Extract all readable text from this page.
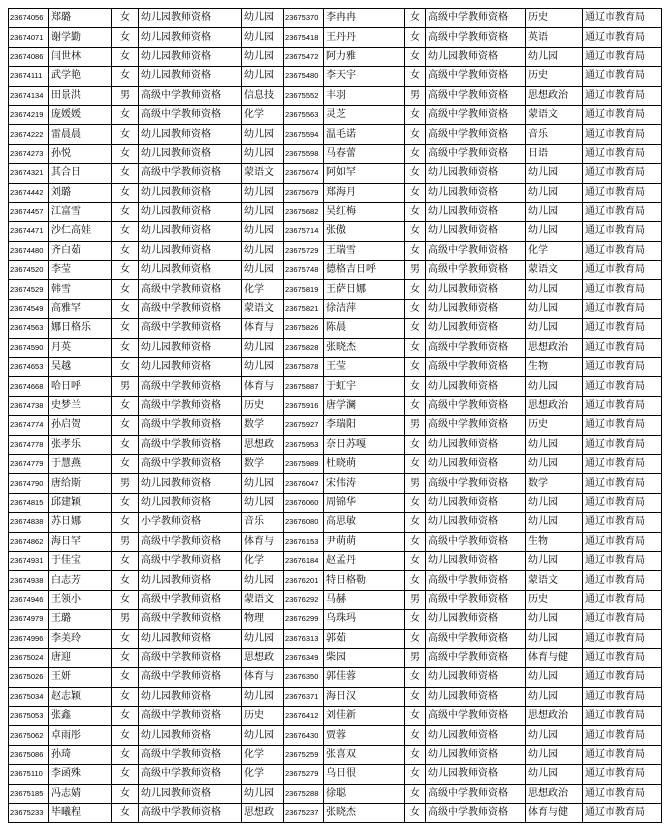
23674056	郑璐	女	幼儿园教师资格	幼儿园	23675370	李冉冉	女	高级中学教师资格	历史	通辽市教育局
23674071	谢学勤	女	幼儿园教师资格	幼儿园	23675418	王丹丹	女	高级中学教师资格	英语	通辽市教育局
23674086	闫世林	女	幼儿园教师资格	幼儿园	23675472	阿力雅	女	幼儿园教师资格	幼儿园	通辽市教育局
23674111	武学艳	女	幼儿园教师资格	幼儿园	23675480	李天宇	女	高级中学教师资格	历史	通辽市教育局
23674134	田景洪	男	高级中学教师资格	信息技	23675552	丰羽	男	高级中学教师资格	思想政治	通辽市教育局
23674219	庞媛媛	女	高级中学教师资格	化学	23675563	灵芝	女	高级中学教师资格	蒙语文	通辽市教育局
23674222	雷晨晨	女	幼儿园教师资格	幼儿园	23675594	温毛诺	女	高级中学教师资格	音乐	通辽市教育局
23674273	孙悦	女	幼儿园教师资格	幼儿园	23675598	马春蕾	女	高级中学教师资格	日语	通辽市教育局
23674321	其合日	女	高级中学教师资格	蒙语文	23675674	阿如罕	女	幼儿园教师资格	幼儿园	通辽市教育局
23674442	刘璐	女	幼儿园教师资格	幼儿园	23675679	郑海月	女	幼儿园教师资格	幼儿园	通辽市教育局
23674457	江富雪	女	幼儿园教师资格	幼儿园	23675682	吴红梅	女	幼儿园教师资格	幼儿园	通辽市教育局
23674471	沙仁高娃	女	幼儿园教师资格	幼儿园	23675714	张傲	女	幼儿园教师资格	幼儿园	通辽市教育局
23674480	齐白茹	女	幼儿园教师资格	幼儿园	23675729	王瑞雪	女	高级中学教师资格	化学	通辽市教育局
23674520	李莹	女	幼儿园教师资格	幼儿园	23675748	德格吉日呼	男	高级中学教师资格	蒙语文	通辽市教育局
23674529	韩雪	女	高级中学教师资格	化学	23675819	王萨日娜	女	幼儿园教师资格	幼儿园	通辽市教育局
23674549	高雅罕	女	高级中学教师资格	蒙语文	23675821	徐洁萍	女	幼儿园教师资格	幼儿园	通辽市教育局
23674563	娜日格乐	女	高级中学教师资格	体育与	23675826	陈晨	女	幼儿园教师资格	幼儿园	通辽市教育局
23674590	月英	女	幼儿园教师资格	幼儿园	23675828	张晓杰	女	高级中学教师资格	思想政治	通辽市教育局
23674653	吴越	女	幼儿园教师资格	幼儿园	23675878	王莹	女	高级中学教师资格	生物	通辽市教育局
23674668	哈日呼	男	高级中学教师资格	体育与	23675887	于虹宇	女	幼儿园教师资格	幼儿园	通辽市教育局
23674738	史梦兰	女	高级中学教师资格	历史	23675916	唐学澜	女	高级中学教师资格	思想政治	通辽市教育局
23674774	孙启贺	女	高级中学教师资格	数学	23675927	李瑞阳	男	高级中学教师资格	历史	通辽市教育局
23674778	张孝乐	女	高级中学教师资格	思想政	23675953	奈日苏嘎	女	幼儿园教师资格	幼儿园	通辽市教育局
23674779	于慧燕	女	高级中学教师资格	数学	23675989	杜晓萌	女	幼儿园教师资格	幼儿园	通辽市教育局
23674790	唐给斯	男	幼儿园教师资格	幼儿园	23676047	宋伟涛	男	高级中学教师资格	数学	通辽市教育局
23674815	邱建颖	女	幼儿园教师资格	幼儿园	23676060	周锦华	女	幼儿园教师资格	幼儿园	通辽市教育局
23674838	苏日娜	女	小学教师资格	音乐	23676080	高思敏	女	幼儿园教师资格	幼儿园	通辽市教育局
23674862	海日罕	男	高级中学教师资格	体育与	23676153	尹萌萌	女	高级中学教师资格	生物	通辽市教育局
23674931	于佳宝	女	高级中学教师资格	化学	23676184	赵孟丹	女	幼儿园教师资格	幼儿园	通辽市教育局
23674938	白志芳	女	幼儿园教师资格	幼儿园	23676201	特日格勒	女	高级中学教师资格	蒙语文	通辽市教育局
23674946	王领小	女	高级中学教师资格	蒙语文	23676292	马赫	男	高级中学教师资格	历史	通辽市教育局
23674979	王璐	男	高级中学教师资格	物理	23676299	乌珠玛	女	幼儿园教师资格	幼儿园	通辽市教育局
23674996	李美玲	女	幼儿园教师资格	幼儿园	23676313	郭茹	女	高级中学教师资格	幼儿园	通辽市教育局
23675024	唐迎	女	高级中学教师资格	思想政	23676349	柴园	男	高级中学教师资格	体育与健	通辽市教育局
23675026	王妍	女	高级中学教师资格	体育与	23676350	郭佳蓉	女	幼儿园教师资格	幼儿园	通辽市教育局
23675034	赵志颖	女	幼儿园教师资格	幼儿园	23676371	海日汉	女	幼儿园教师资格	幼儿园	通辽市教育局
23675053	张鑫	女	高级中学教师资格	历史	23676412	刘佳新	女	高级中学教师资格	思想政治	通辽市教育局
23675062	卓雨彤	女	幼儿园教师资格	幼儿园	23676430	贾蓉	女	幼儿园教师资格	幼儿园	通辽市教育局
23675086	孙琦	女	高级中学教师资格	化学	23675259	张喜双	女	幼儿园教师资格	幼儿园	通辽市教育局
23675110	李函殊	女	高级中学教师资格	化学	23675279	乌日很	女	幼儿园教师资格	幼儿园	通辽市教育局
23675185	冯志婧	女	幼儿园教师资格	幼儿园	23675288	徐聪	女	高级中学教师资格	思想政治	通辽市教育局
23675233	毕曦程	女	高级中学教师资格	思想政	23675237	张晓杰	女	高级中学教师资格	体育与健	通辽市教育局
